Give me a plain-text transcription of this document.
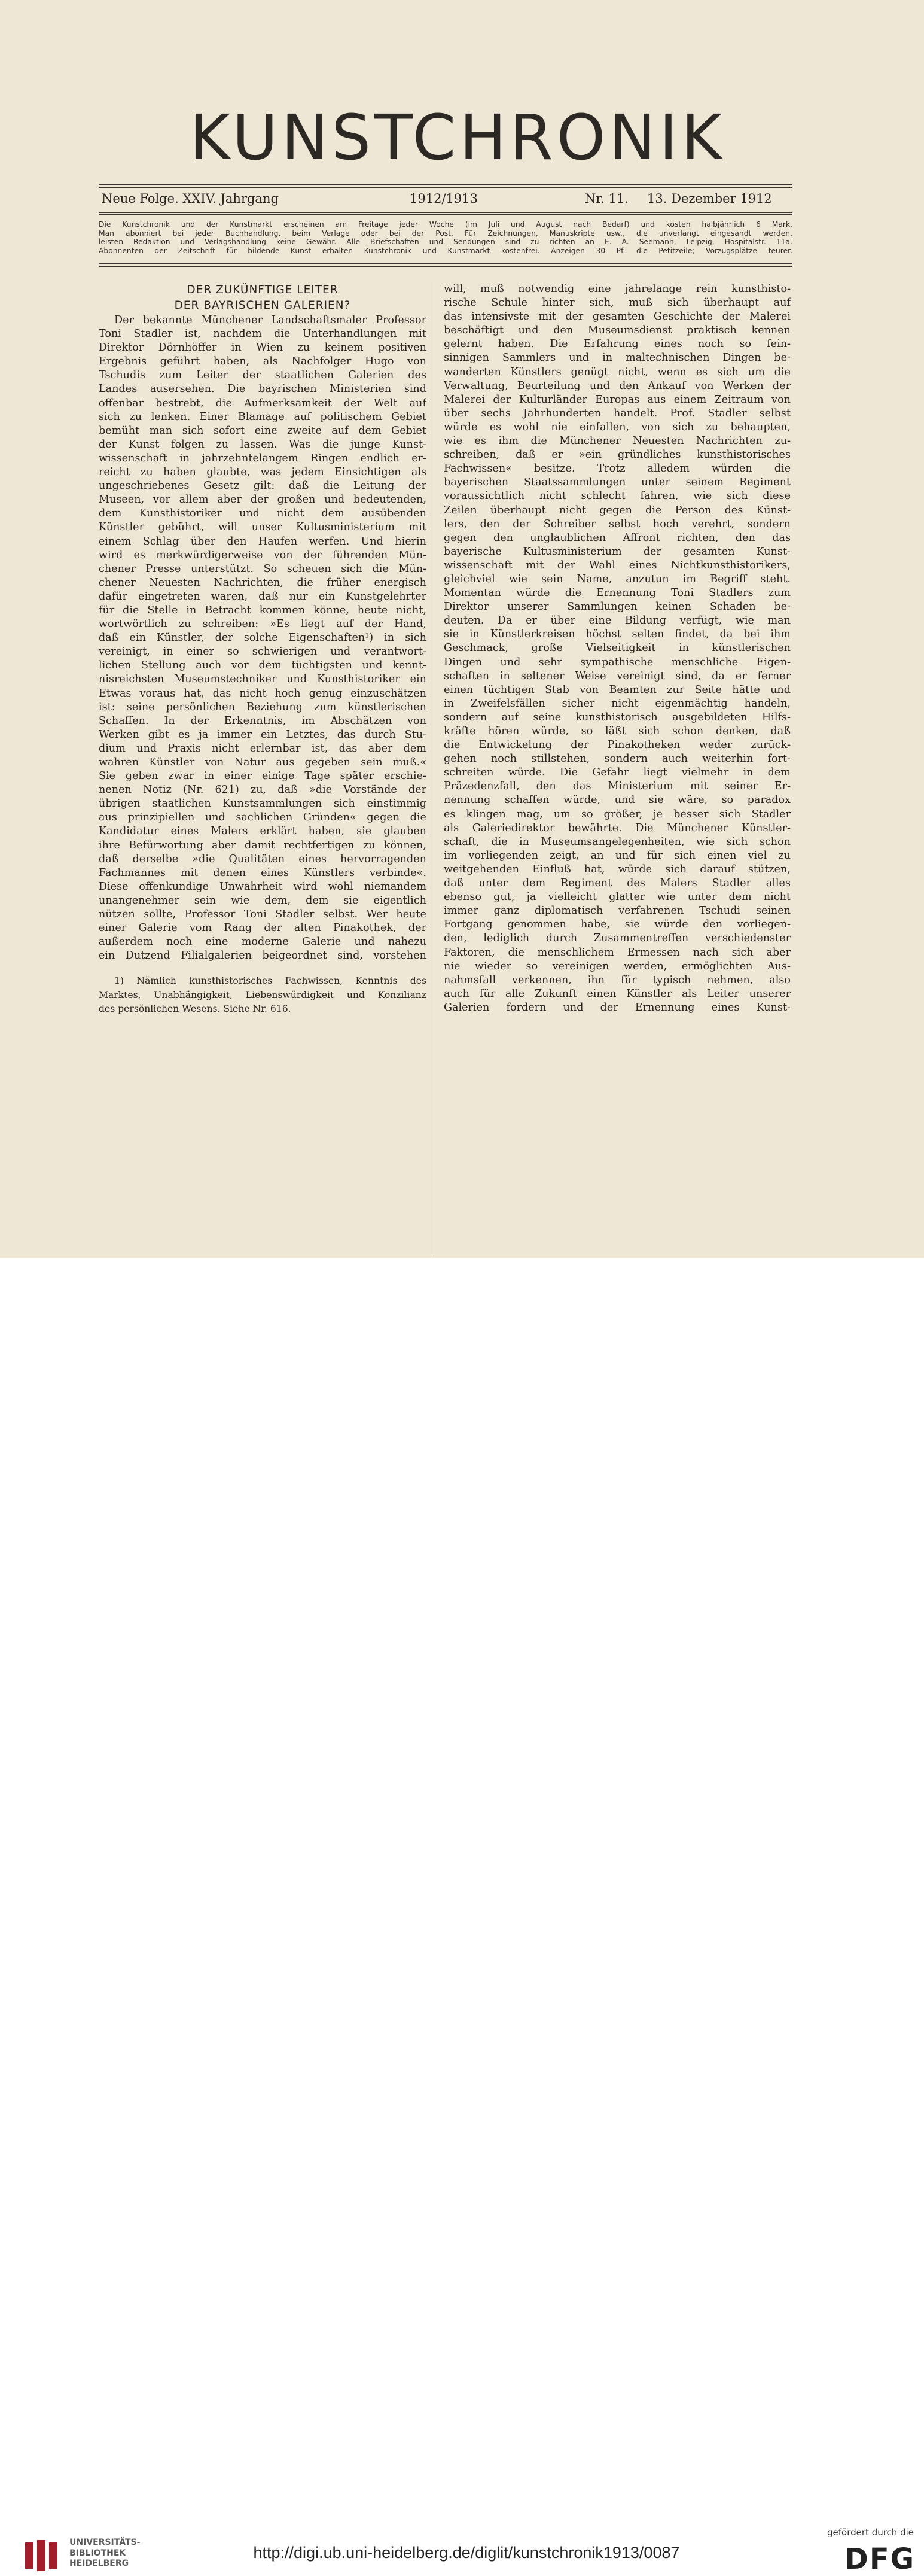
KUNSTCHRONIK
Neue Folge. XXIV. Jahrgang	1912/1913	Nr. 11. 13. Dezember 1912
Die Kunstchronik und der Kunstmarkt erscheinen am Freitage jeder Woche (im Juli und August nach Bedarf) und kosten halbjährlich 6 Mark.
Man abonniert bei jeder Buchhandlung, beim Verlage oder bei der Post. Für Zeichnungen, Manuskripte usw., die unverlangt eingesandt werden,
leisten Redaktion und Verlagshandlung keine Gewähr. Alle Briefschaften und Sendungen sind zu richten an E. A. Seemann, Leipzig, Hospitalstr. 11a.
Abonnenten der Zeitschrift für bildende Kunst erhalten Kunstchronik und Kunstmarkt kostenfrei. Anzeigen 30 Pf. die Petitzeile; Vorzugsplätze teurer.
DER ZUKÜNFTIGE LEITER
DER BAYRISCHEN GALERIEN?
Der bekannte Münchener Landschaftsmaler Professor
Toni Stadler ist, nachdem die Unterhandlungen mit
Direktor Dörnhöffer in Wien zu keinem positiven
Ergebnis geführt haben, als Nachfolger Hugo von
Tschudis zum Leiter der staatlichen Galerien des
Landes ausersehen. Die bayrischen Ministerien sind
offenbar bestrebt, die Aufmerksamkeit der Welt auf
sich zu lenken. Einer Blamage auf politischem Gebiet
bemüht man sich sofort eine zweite auf dem Gebiet
der Kunst folgen zu lassen. Was die junge Kunst-
wissenschaft in jahrzehntelangem Ringen endlich er-
reicht zu haben glaubte, was jedem Einsichtigen als
ungeschriebenes Gesetz gilt: daß die Leitung der
Museen, vor allem aber der großen und bedeutenden,
dem Kunsthistoriker und nicht dem ausübenden
Künstler gebührt, will unser Kultusministerium mit
einem Schlag über den Haufen werfen. Und hierin
wird es merkwürdigerweise von der führenden Mün-
chener Presse unterstützt. So scheuen sich die Mün-
chener Neuesten Nachrichten, die früher energisch
dafür eingetreten waren, daß nur ein Kunstgelehrter
für die Stelle in Betracht kommen könne, heute nicht,
wortwörtlich zu schreiben: »Es liegt auf der Hand,
daß ein Künstler, der solche Eigenschaften¹) in sich
vereinigt, in einer so schwierigen und verantwort-
lichen Stellung auch vor dem tüchtigsten und kennt-
nisreichsten Museumstechniker und Kunsthistoriker ein
Etwas voraus hat, das nicht hoch genug einzuschätzen
ist: seine persönlichen Beziehung zum künstlerischen
Schaffen. In der Erkenntnis, im Abschätzen von
Werken gibt es ja immer ein Letztes, das durch Stu-
dium und Praxis nicht erlernbar ist, das aber dem
wahren Künstler von Natur aus gegeben sein muß.«
Sie geben zwar in einer einige Tage später erschie-
nenen Notiz (Nr. 621) zu, daß »die Vorstände der
übrigen staatlichen Kunstsammlungen sich einstimmig
aus prinzipiellen und sachlichen Gründen« gegen die
Kandidatur eines Malers erklärt haben, sie glauben
ihre Befürwortung aber damit rechtfertigen zu können,
daß derselbe »die Qualitäten eines hervorragenden
Fachmannes mit denen eines Künstlers verbinde«.
Diese offenkundige Unwahrheit wird wohl niemandem
unangenehmer sein wie dem, dem sie eigentlich
nützen sollte, Professor Toni Stadler selbst. Wer heute
einer Galerie vom Rang der alten Pinakothek, der
außerdem noch eine moderne Galerie und nahezu
ein Dutzend Filialgalerien beigeordnet sind, vorstehen
1) Nämlich kunsthistorisches Fachwissen, Kenntnis des
Marktes, Unabhängigkeit, Liebenswürdigkeit und Konzilianz
des persönlichen Wesens. Siehe Nr. 616.
will, muß notwendig eine jahrelange rein kunsthisto-
rische Schule hinter sich, muß sich überhaupt auf
das intensivste mit der gesamten Geschichte der Malerei
beschäftigt und den Museumsdienst praktisch kennen
gelernt haben. Die Erfahrung eines noch so fein-
sinnigen Sammlers und in maltechnischen Dingen be-
wanderten Künstlers genügt nicht, wenn es sich um die
Verwaltung, Beurteilung und den Ankauf von Werken der
Malerei der Kulturländer Europas aus einem Zeitraum von
über sechs Jahrhunderten handelt. Prof. Stadler selbst
würde es wohl nie einfallen, von sich zu behaupten,
wie es ihm die Münchener Neuesten Nachrichten zu-
schreiben, daß er »ein gründliches kunsthistorisches
Fachwissen« besitze. Trotz alledem würden die
bayerischen Staatssammlungen unter seinem Regiment
voraussichtlich nicht schlecht fahren, wie sich diese
Zeilen überhaupt nicht gegen die Person des Künst-
lers, den der Schreiber selbst hoch verehrt, sondern
gegen den unglaublichen Affront richten, den das
bayerische Kultusministerium der gesamten Kunst-
wissenschaft mit der Wahl eines Nichtkunsthistorikers,
gleichviel wie sein Name, anzutun im Begriff steht.
Momentan würde die Ernennung Toni Stadlers zum
Direktor unserer Sammlungen keinen Schaden be-
deuten. Da er über eine Bildung verfügt, wie man
sie in Künstlerkreisen höchst selten findet, da bei ihm
Geschmack, große Vielseitigkeit in künstlerischen
Dingen und sehr sympathische menschliche Eigen-
schaften in seltener Weise vereinigt sind, da er ferner
einen tüchtigen Stab von Beamten zur Seite hätte und
in Zweifelsfällen sicher nicht eigenmächtig handeln,
sondern auf seine kunsthistorisch ausgebildeten Hilfs-
kräfte hören würde, so läßt sich schon denken, daß
die Entwickelung der Pinakotheken weder zurück-
gehen noch stillstehen, sondern auch weiterhin fort-
schreiten würde. Die Gefahr liegt vielmehr in dem
Präzedenzfall, den das Ministerium mit seiner Er-
nennung schaffen würde, und sie wäre, so paradox
es klingen mag, um so größer, je besser sich Stadler
als Galeriedirektor bewährte. Die Münchener Künstler-
schaft, die in Museumsangelegenheiten, wie sich schon
im vorliegenden zeigt, an und für sich einen viel zu
weitgehenden Einfluß hat, würde sich darauf stützen,
daß unter dem Regiment des Malers Stadler alles
ebenso gut, ja vielleicht glatter wie unter dem nicht
immer ganz diplomatisch verfahrenen Tschudi seinen
Fortgang genommen habe, sie würde den vorliegen-
den, lediglich durch Zusammentreffen verschiedenster
Faktoren, die menschlichem Ermessen nach sich aber
nie wieder so vereinigen werden, ermöglichten Aus-
nahmsfall verkennen, ihn für typisch nehmen, also
auch für alle Zukunft einen Künstler als Leiter unserer
Galerien fordern und der Ernennung eines Kunst-
UNIVERSITÄTS-
BIBLIOTHEK
HEIDELBERG
http://digi.ub.uni-heidelberg.de/diglit/kunstchronik1913/0087
gefördert durch die
DFG
